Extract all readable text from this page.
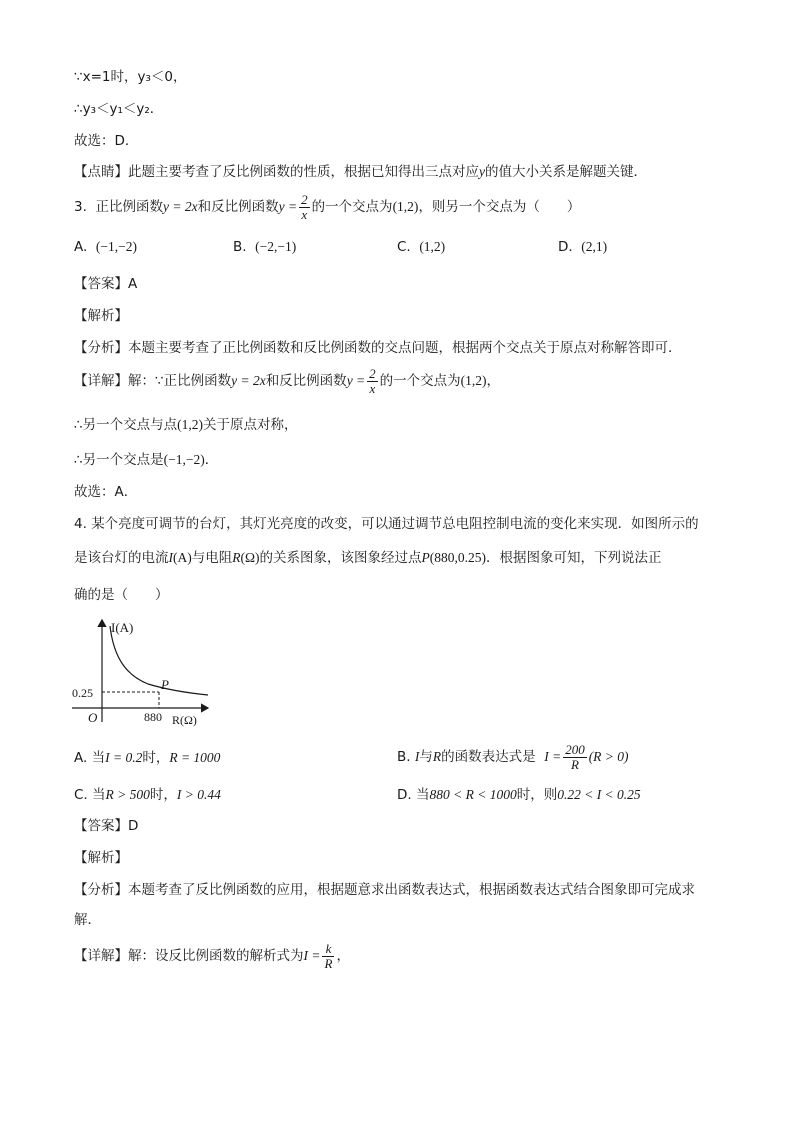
∵x=1时，y₃＜0，
∴y₃＜y₁＜y₂．
故选：D．
【点睛】此题主要考查了反比例函数的性质，根据已知得出三点对应y的值大小关系是解题关键．
3. 正比例函数y = 2x和反比例函数$y = \frac{2}{x}$ 的一个交点为(1,2)，则另一个交点为（　　）
A. (−1,−2)	B. (−2,−1)	C. (1,2)	D. (2,1)
【答案】A
【解析】
【分析】本题主要考查了正比例函数和反比例函数的交点问题，根据两个交点关于原点对称解答即可．
【详解】解：∵正比例函数y = 2x和反比例函数$y = \frac{2}{x}$ 的一个交点为(1,2)，
∴另一个交点与点(1,2)关于原点对称，
∴另一个交点是(−1,−2)．
故选：A．
4. 某个亮度可调节的台灯，其灯光亮度的改变，可以通过调节总电阻控制电流的变化来实现．如图所示的
是该台灯的电流I(A)与电阻R(Ω)的关系图象，该图象经过点P(880,0.25)．根据图象可知，下列说法正
确的是（　　）
I(A)
R(Ω)
O
0.25
880
P
A. 当I = 0.2时，R = 1000	B. I与R的函数表达式是 $I = \frac{200}{R} (R > 0)$
C. 当R > 500时，I > 0.44	D. 当880 < R < 1000时，则0.22 < I < 0.25
【答案】D
【解析】
【分析】本题考查了反比例函数的应用，根据题意求出函数表达式，根据函数表达式结合图象即可完成求
解．
【详解】解：设反比例函数的解析式为$I = \frac{k}{R}$ ，
